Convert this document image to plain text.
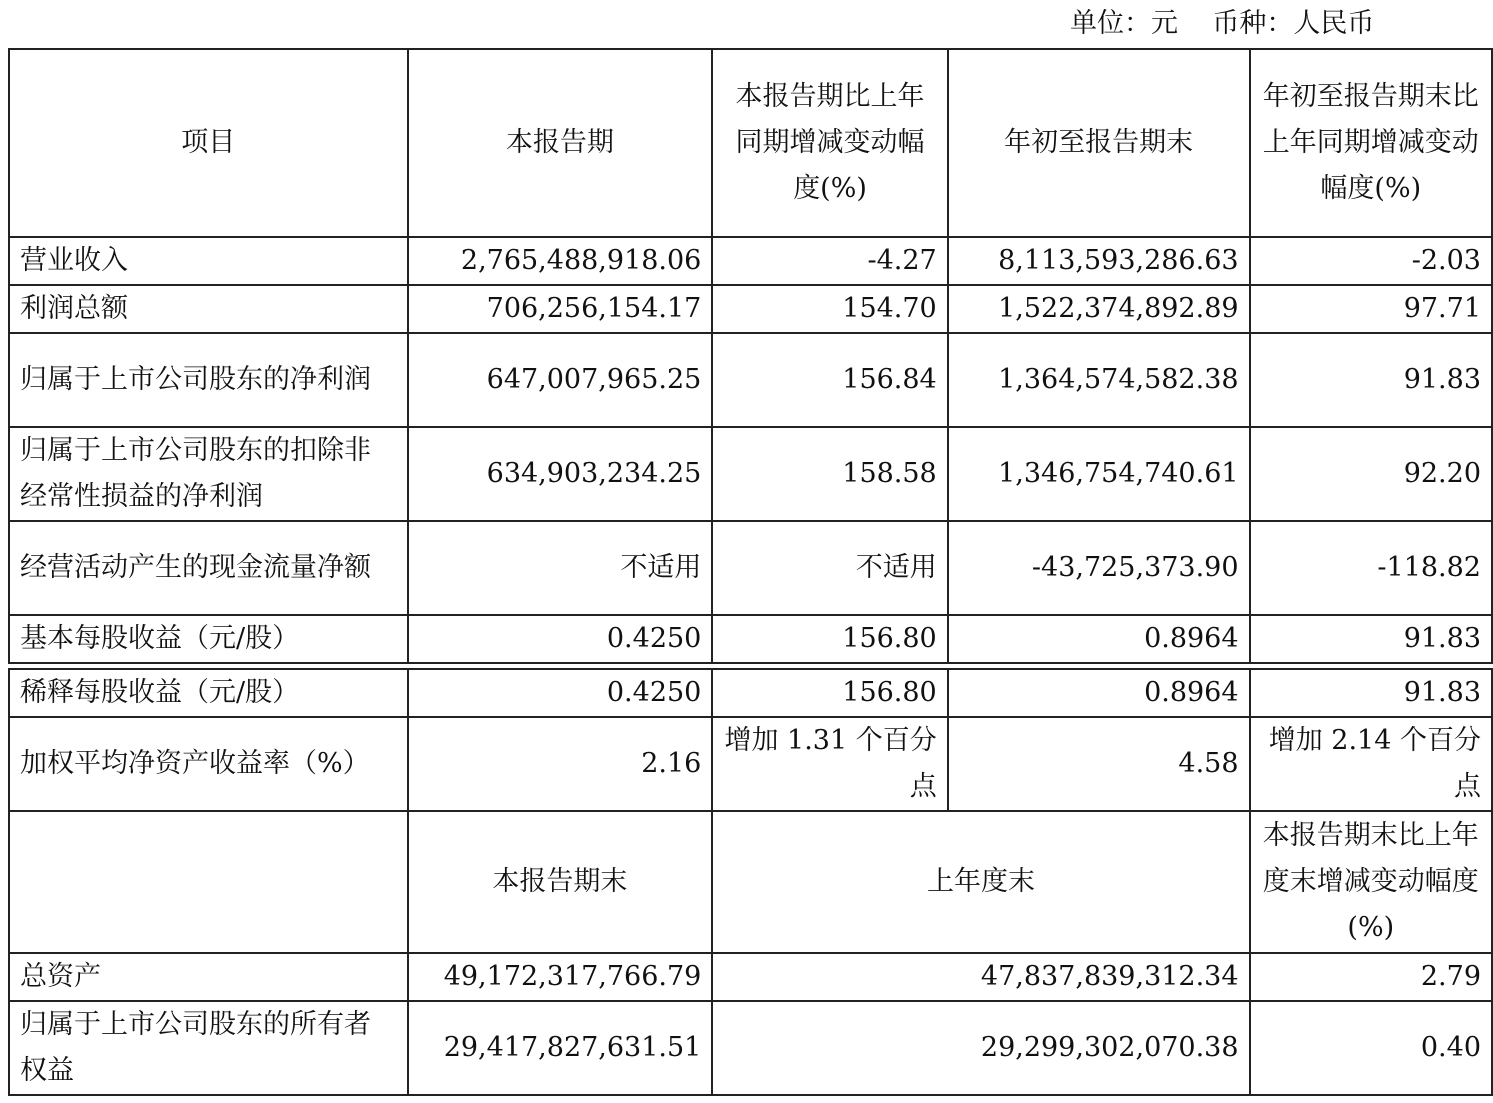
单位：元    币种：人民币
项目	本报告期	本报告期比上年同期增减变动幅度(%)	年初至报告期末	年初至报告期末比上年同期增减变动幅度(%)
营业收入	2,765,488,918.06	-4.27	8,113,593,286.63	-2.03
利润总额	706,256,154.17	154.70	1,522,374,892.89	97.71
归属于上市公司股东的净利润	647,007,965.25	156.84	1,364,574,582.38	91.83
归属于上市公司股东的扣除非经常性损益的净利润	634,903,234.25	158.58	1,346,754,740.61	92.20
经营活动产生的现金流量净额	不适用	不适用	-43,725,373.90	-118.82
基本每股收益（元/股）	0.4250	156.80	0.8964	91.83

稀释每股收益（元/股）	0.4250	156.80	0.8964	91.83
加权平均净资产收益率（%）	2.16	增加 1.31 个百分点	4.58	增加 2.14 个百分点
	本报告期末	上年度末		本报告期末比上年度末增减变动幅度(%)
总资产	49,172,317,766.79	47,837,839,312.34		2.79
归属于上市公司股东的所有者权益	29,417,827,631.51	29,299,302,070.38		0.40
